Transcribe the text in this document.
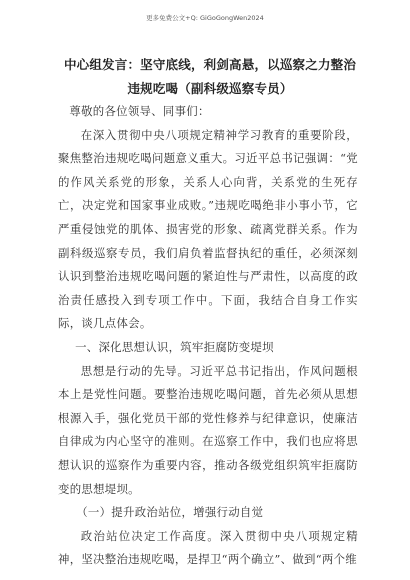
更多免费公文+Q: GiGoGongWen2024
中心组发言：坚守底线，利剑高悬，以巡察之力整治违规吃喝（副科级巡察专员）

尊敬的各位领导、同事们：

在深入贯彻中央八项规定精神学习教育的重要阶段，聚焦整治违规吃喝问题意义重大。习近平总书记强调：“党的作风关系党的形象，关系人心向背，关系党的生死存亡，决定党和国家事业成败。”违规吃喝绝非小事小节，它严重侵蚀党的肌体、损害党的形象、疏离党群关系。作为副科级巡察专员，我们肩负着监督执纪的重任，必须深刻认识到整治违规吃喝问题的紧迫性与严肃性，以高度的政治责任感投入到专项工作中。下面，我结合自身工作实际，谈几点体会。

一、深化思想认识，筑牢拒腐防变堤坝

思想是行动的先导。习近平总书记指出，作风问题根本上是党性问题。要整治违规吃喝问题，首先必须从思想根源入手，强化党员干部的党性修养与纪律意识，使廉洁自律成为内心坚守的准则。在巡察工作中，我们也应将思想认识的巡察作为重要内容，推动各级党组织筑牢拒腐防变的思想堤坝。

（一）提升政治站位，增强行动自觉

政治站位决定工作高度。深入贯彻中央八项规定精神，坚决整治违规吃喝，是捍卫“两个确立”、做到“两个维
